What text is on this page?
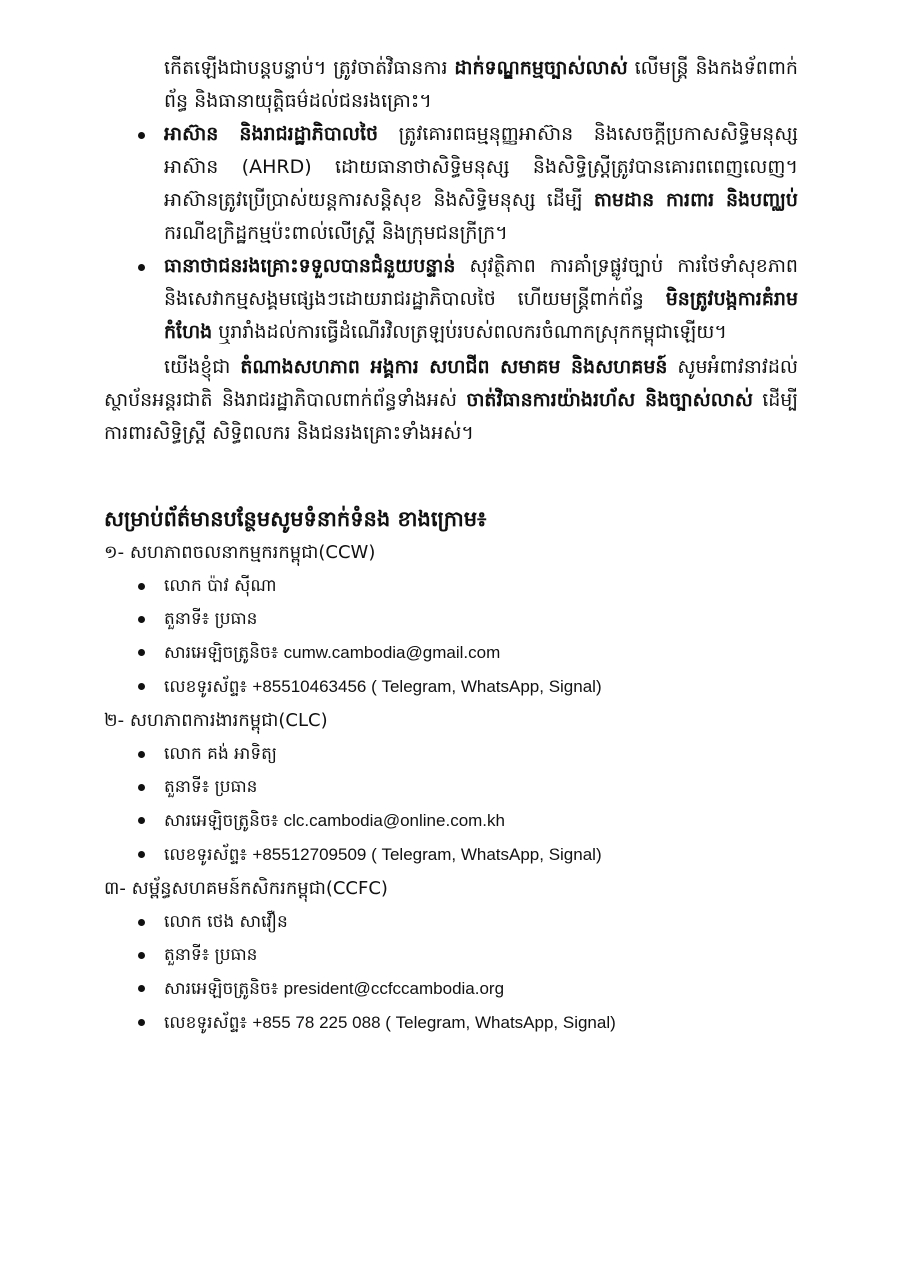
កើតឡើងជាបន្តបន្ទាប់។ ត្រូវចាត់វិធានការ ដាក់ទណ្ឌកម្មច្បាស់លាស់ លើមន្ត្រី និងកងទ័ពពាក់ព័ន្ធ និងធានាយុត្តិធម៌ដល់ជនរងគ្រោះ។

អាស៊ាន និងរាជរដ្ឋាភិបាលថៃ ត្រូវគោរពធម្មនុញ្ញអាស៊ាន និងសេចក្តីប្រកាសសិទ្ធិមនុស្សអាស៊ាន (AHRD) ដោយធានាថាសិទ្ធិមនុស្ស និងសិទ្ធិស្ត្រីត្រូវបានគោរពពេញលេញ។ អាស៊ានត្រូវប្រើប្រាស់យន្តការសន្តិសុខ និងសិទ្ធិមនុស្ស ដើម្បី តាមដាន ការពារ និងបញ្ឈប់ ករណីឧក្រិដ្ឋកម្មប៉ះពាល់លើស្ត្រី និងក្រុមជនក្រីក្រ។
ធានាថាជនរងគ្រោះទទួលបានជំនួយបន្ទាន់ សុវត្ថិភាព ការគាំទ្រផ្លូវច្បាប់ ការថែទាំសុខភាព និងសេវាកម្មសង្គមផ្សេងៗដោយរាជរដ្ឋាភិបាលថៃ ហើយមន្ត្រីពាក់ព័ន្ធ មិនត្រូវបង្កការគំរាមកំហែង ឬរារាំងដល់ការធ្វើដំណើរវិលត្រឡប់របស់ពលករចំណាកស្រុកកម្ពុជាឡើយ។

យើងខ្ញុំជា តំណាងសហភាព អង្គការ សហជីព សមាគម និងសហគមន៍ សូមអំពាវនាវដល់ស្ថាប័នអន្តរជាតិ និងរាជរដ្ឋាភិបាលពាក់ព័ន្ធទាំងអស់ ចាត់វិធានការយ៉ាងរហ័ស និងច្បាស់លាស់ ដើម្បីការពារសិទ្ធិស្ត្រី សិទ្ធិពលករ និងជនរងគ្រោះទាំងអស់។

សម្រាប់ព័ត៌មានបន្ថែមសូមទំនាក់ទំនង ខាងក្រោម៖
១- សហភាពចលនាកម្មករកម្ពុជា(CCW)
លោក ប៉ាវ ស៊ីណា
តួនាទី៖ ប្រធាន
សារអេឡិចត្រូនិច៖ cumw.cambodia@gmail.com
លេខទូរស័ព្ទ៖ +85510463456 ( Telegram, WhatsApp, Signal)
២- សហភាពការងារកម្ពុជា(CLC)
លោក គង់ អាទិត្យ
តួនាទី៖ ប្រធាន
សារអេឡិចត្រូនិច៖ clc.cambodia@online.com.kh
លេខទូរស័ព្ទ៖ +85512709509 ( Telegram, WhatsApp, Signal)
៣- សម្ព័ន្ធសហគមន៍កសិករកម្ពុជា(CCFC)
លោក ថេង សាវឿន
តួនាទី៖ ប្រធាន
សារអេឡិចត្រូនិច៖ president@ccfccambodia.org
លេខទូរស័ព្ទ៖ +855 78 225 088 ( Telegram, WhatsApp, Signal)
